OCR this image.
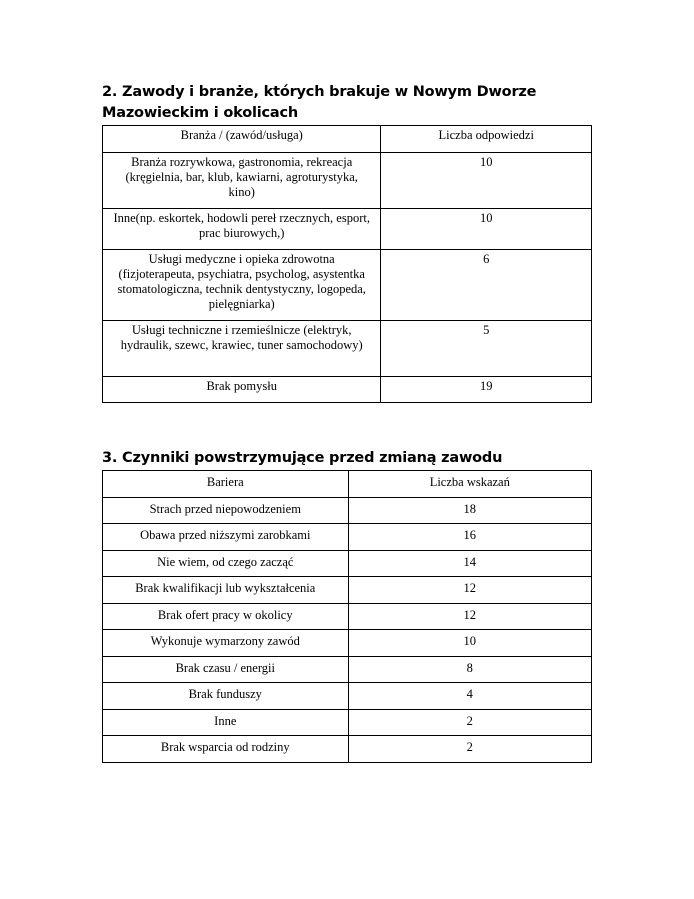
2. Zawody i branże, których brakuje w Nowym Dworze Mazowieckim i okolicach
Branża / (zawód/usługa)	Liczba odpowiedzi

Branża rozrywkowa, gastronomia, rekreacja (kręgielnia, bar, klub, kawiarni, agroturystyka, kino)	10

Inne(np. eskortek, hodowli pereł rzecznych, esport, prac biurowych,)	10

Usługi medyczne i opieka zdrowotna (fizjoterapeuta, psychiatra, psycholog, asystentka stomatologiczna, technik dentystyczny, logopeda, pielęgniarka)	6

Usługi techniczne i rzemieślnicze (elektryk, hydraulik, szewc, krawiec, tuner samochodowy)	5

Brak pomysłu	19
3. Czynniki powstrzymujące przed zmianą zawodu
Bariera	Liczba wskazań

Strach przed niepowodzeniem	18

Obawa przed niższymi zarobkami	16

Nie wiem, od czego zacząć	14

Brak kwalifikacji lub wykształcenia	12

Brak ofert pracy w okolicy	12

Wykonuje wymarzony zawód	10

Brak czasu / energii	8

Brak funduszy	4

Inne	2

Brak wsparcia od rodziny	2
